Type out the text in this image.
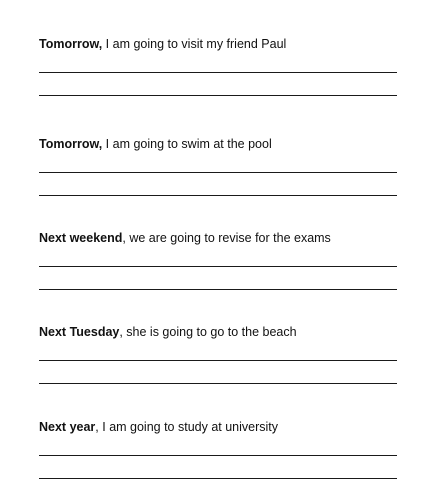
Tomorrow, I am going to visit my friend Paul
Tomorrow, I am going to swim at the pool
Next weekend, we are going to revise for the exams
Next Tuesday, she is going to go to the beach
Next year, I am going to study at university
